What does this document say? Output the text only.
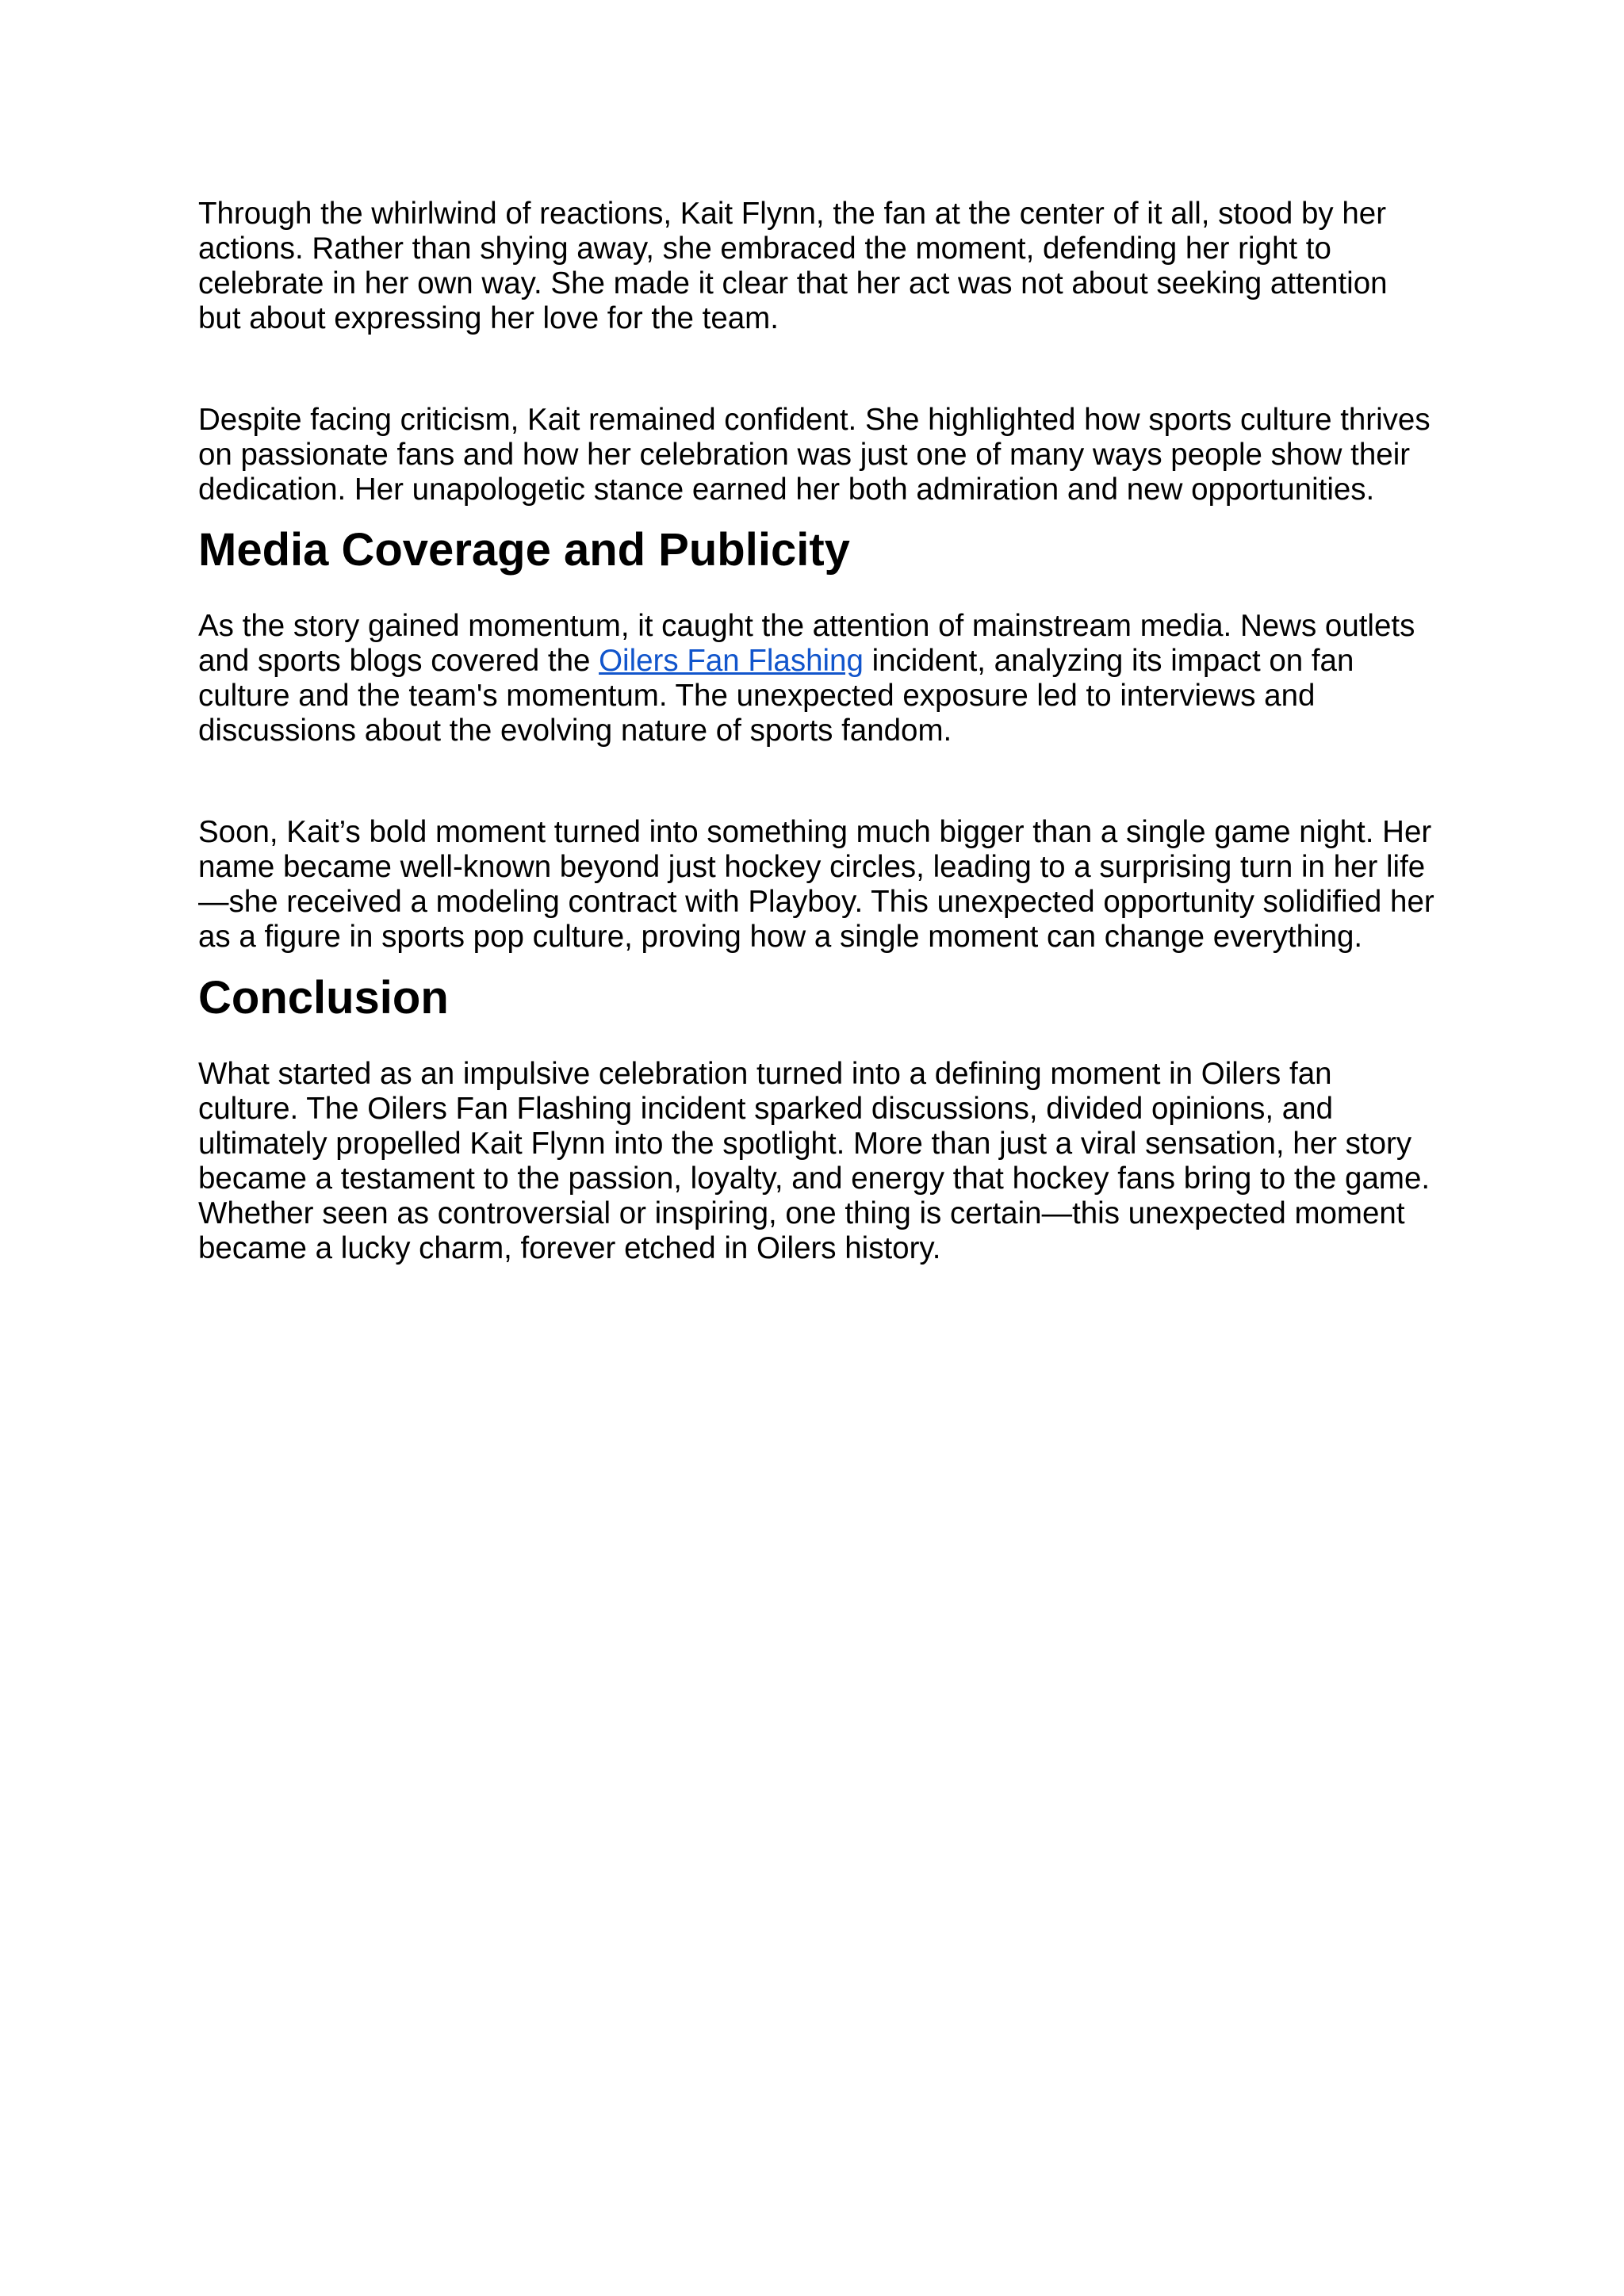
Through the whirlwind of reactions, Kait Flynn, the fan at the center of it all, stood by her actions. Rather than shying away, she embraced the moment, defending her right to celebrate in her own way. She made it clear that her act was not about seeking attention but about expressing her love for the team.

Despite facing criticism, Kait remained confident. She highlighted how sports culture thrives on passionate fans and how her celebration was just one of many ways people show their dedication. Her unapologetic stance earned her both admiration and new opportunities.

Media Coverage and Publicity

As the story gained momentum, it caught the attention of mainstream media. News outlets and sports blogs covered the Oilers Fan Flashing incident, analyzing its impact on fan culture and the team's momentum. The unexpected exposure led to interviews and discussions about the evolving nature of sports fandom.

Soon, Kait’s bold moment turned into something much bigger than a single game night. Her name became well-known beyond just hockey circles, leading to a surprising turn in her life—she received a modeling contract with Playboy. This unexpected opportunity solidified her as a figure in sports pop culture, proving how a single moment can change everything.

Conclusion

What started as an impulsive celebration turned into a defining moment in Oilers fan culture. The Oilers Fan Flashing incident sparked discussions, divided opinions, and ultimately propelled Kait Flynn into the spotlight. More than just a viral sensation, her story became a testament to the passion, loyalty, and energy that hockey fans bring to the game. Whether seen as controversial or inspiring, one thing is certain—this unexpected moment became a lucky charm, forever etched in Oilers history.
